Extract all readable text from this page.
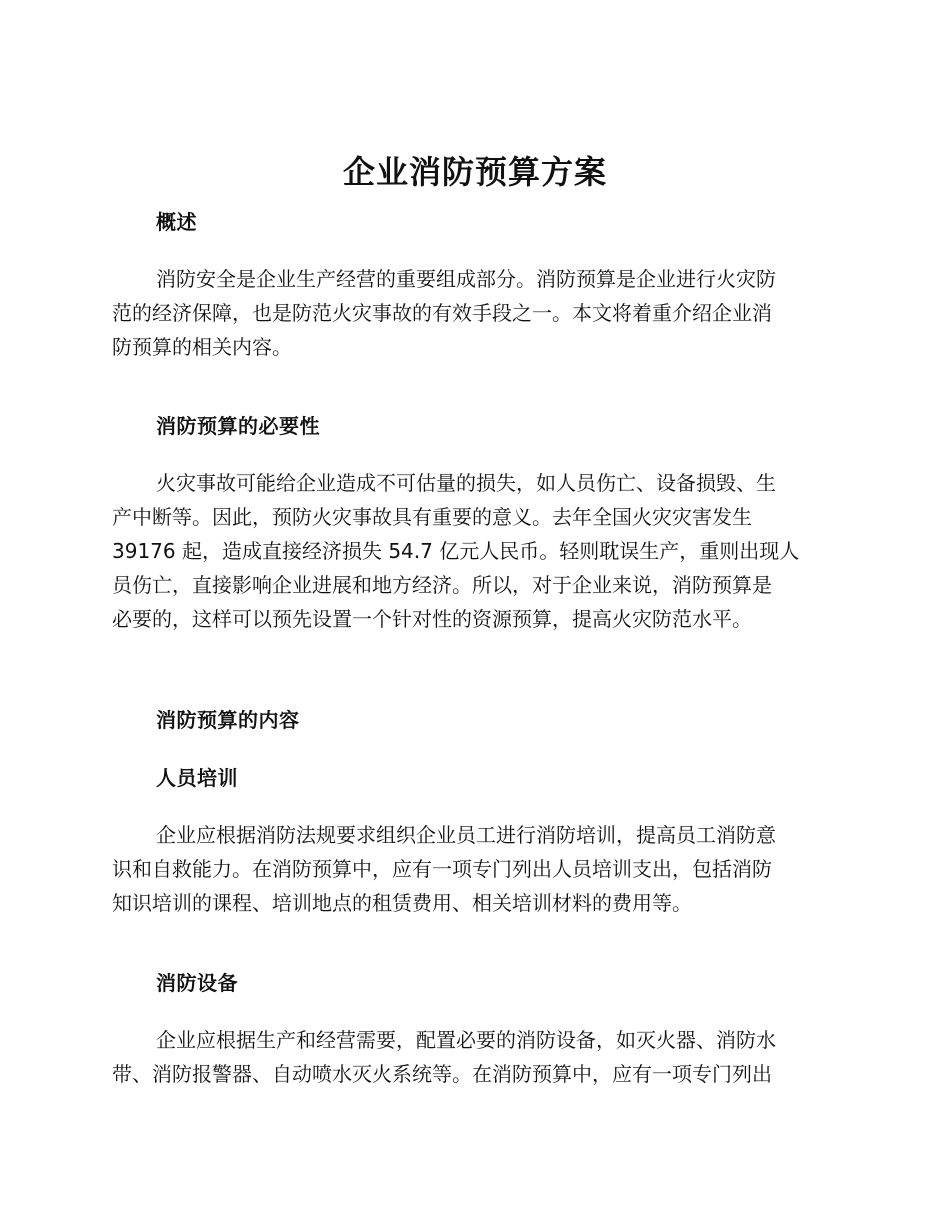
企业消防预算方案
概述
消防安全是企业生产经营的重要组成部分。消防预算是企业进行火灾防
范的经济保障，也是防范火灾事故的有效手段之一。本文将着重介绍企业消
防预算的相关内容。
消防预算的必要性
火灾事故可能给企业造成不可估量的损失，如人员伤亡、设备损毁、生
产中断等。因此，预防火灾事故具有重要的意义。去年全国火灾灾害发生
39176 起，造成直接经济损失 54.7 亿元人民币。轻则耽误生产，重则出现人
员伤亡，直接影响企业进展和地方经济。所以，对于企业来说，消防预算是
必要的，这样可以预先设置一个针对性的资源预算，提高火灾防范水平。
消防预算的内容
人员培训
企业应根据消防法规要求组织企业员工进行消防培训，提高员工消防意
识和自救能力。在消防预算中，应有一项专门列出人员培训支出，包括消防
知识培训的课程、培训地点的租赁费用、相关培训材料的费用等。
消防设备
企业应根据生产和经营需要，配置必要的消防设备，如灭火器、消防水
带、消防报警器、自动喷水灭火系统等。在消防预算中，应有一项专门列出
